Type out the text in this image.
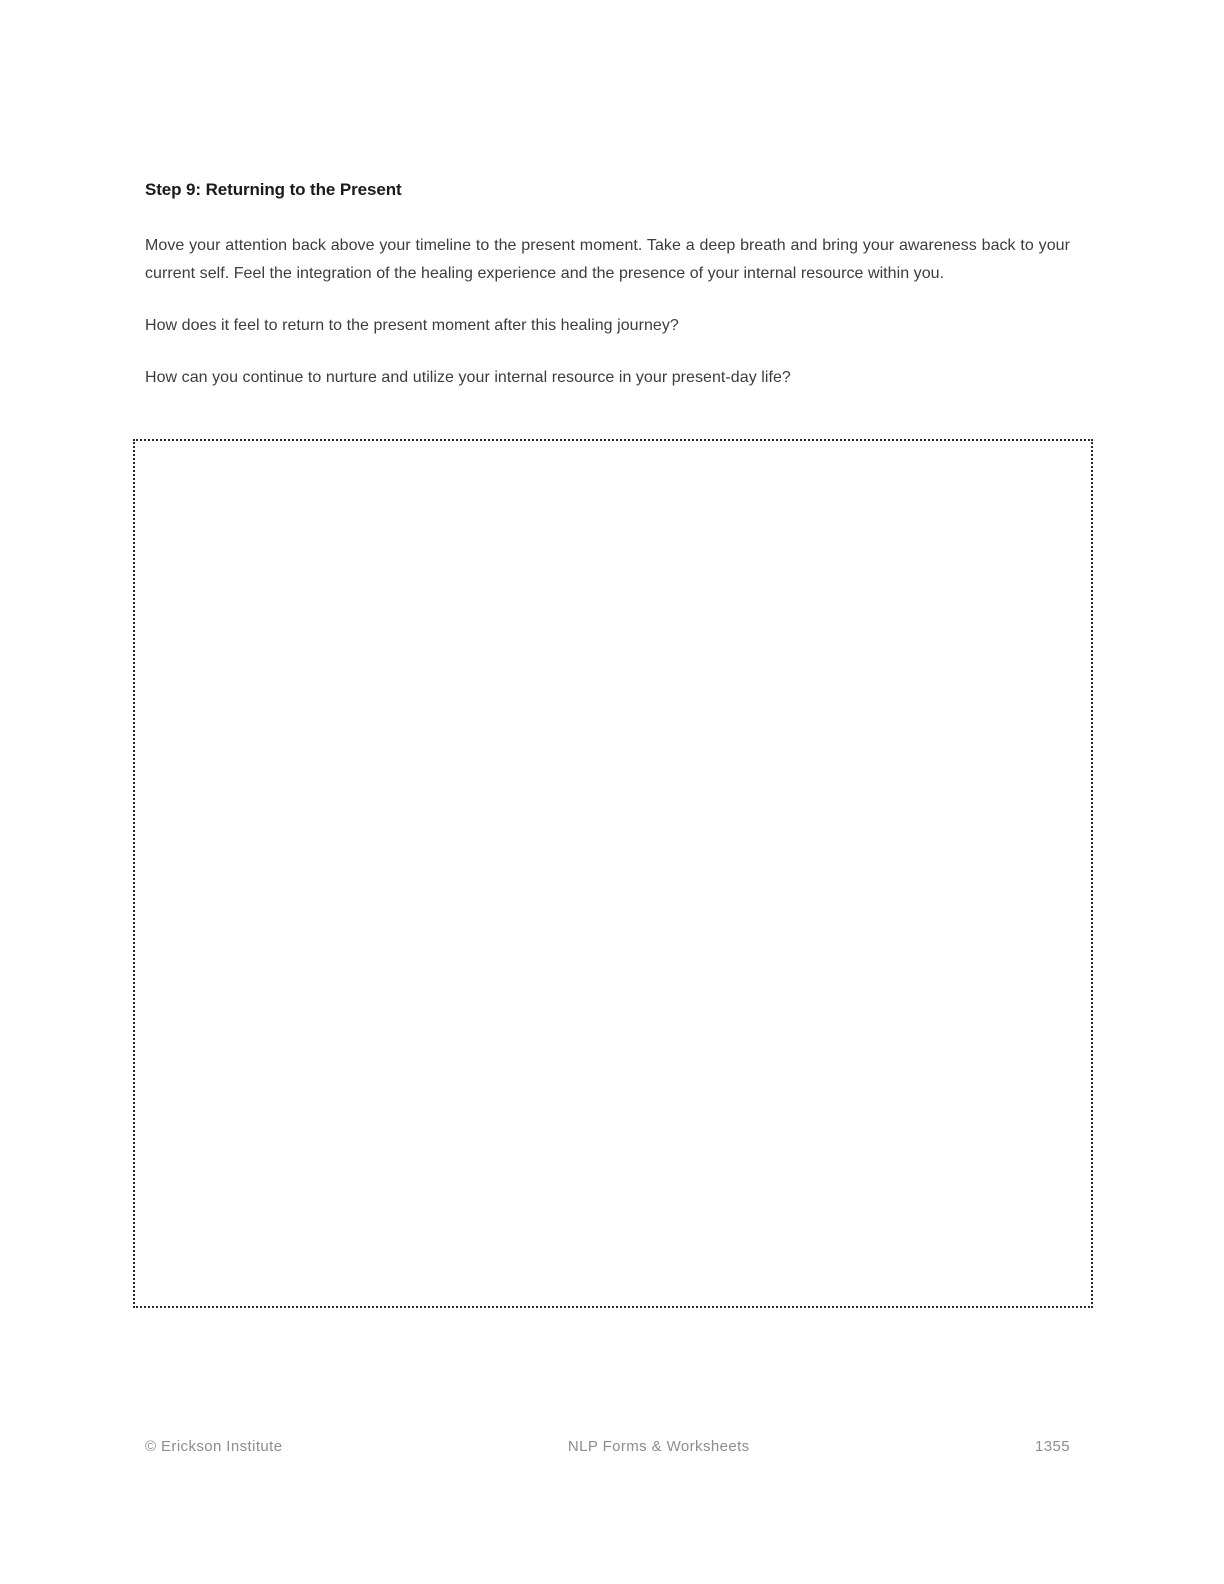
Step 9: Returning to the Present

Move your attention back above your timeline to the present moment. Take a deep breath and bring your awareness back to your current self. Feel the integration of the healing experience and the presence of your internal resource within you.

How does it feel to return to the present moment after this healing journey?

How can you continue to nurture and utilize your internal resource in your present-day life?

© Erickson Institute	NLP Forms & Worksheets	1355
